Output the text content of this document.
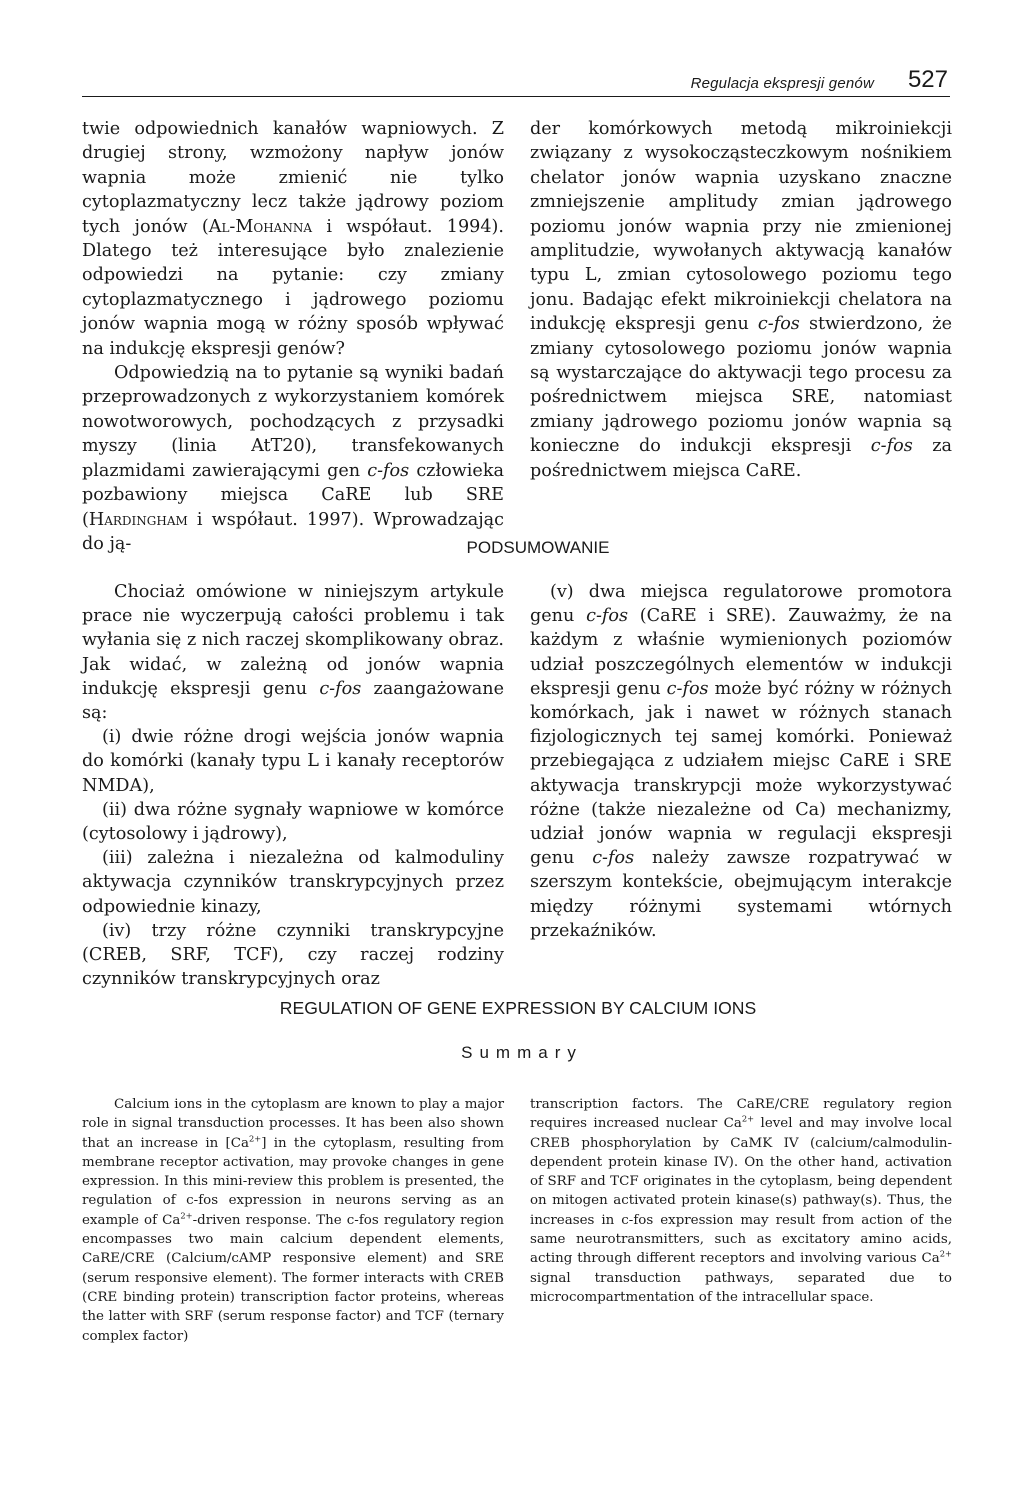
Regulacja ekspresji genów 527

twie odpowiednich kanałów wapniowych. Z drugiej strony, wzmożony napływ jonów wapnia może zmienić nie tylko cytoplazmatyczny lecz także jądrowy poziom tych jonów (Al-Mohanna i współaut. 1994). Dlatego też interesujące było znalezienie odpowiedzi na pytanie: czy zmiany cytoplazmatycznego i jądrowego poziomu jonów wapnia mogą w różny sposób wpływać na indukcję ekspresji genów?

Odpowiedzią na to pytanie są wyniki badań przeprowadzonych z wykorzystaniem komórek nowotworowych, pochodzących z przysadki myszy (linia AtT20), transfekowanych plazmidami zawierającymi gen c-fos człowieka pozbawiony miejsca CaRE lub SRE (Hardingham i współaut. 1997). Wprowadzając do ją-

der komórkowych metodą mikroiniekcji związany z wysokocząsteczkowym nośnikiem chelator jonów wapnia uzyskano znaczne zmniejszenie amplitudy zmian jądrowego poziomu jonów wapnia przy nie zmienionej amplitudzie, wywołanych aktywacją kanałów typu L, zmian cytosolowego poziomu tego jonu. Badając efekt mikroiniekcji chelatora na indukcję ekspresji genu c-fos stwierdzono, że zmiany cytosolowego poziomu jonów wapnia są wystarczające do aktywacji tego procesu za pośrednictwem miejsca SRE, natomiast zmiany jądrowego poziomu jonów wapnia są konieczne do indukcji ekspresji c-fos za pośrednictwem miejsca CaRE.

PODSUMOWANIE

Chociaż omówione w niniejszym artykule prace nie wyczerpują całości problemu i tak wyłania się z nich raczej skomplikowany obraz. Jak widać, w zależną od jonów wapnia indukcję ekspresji genu c-fos zaangażowane są:

(i) dwie różne drogi wejścia jonów wapnia do komórki (kanały typu L i kanały receptorów NMDA),

(ii) dwa różne sygnały wapniowe w komórce (cytosolowy i jądrowy),

(iii) zależna i niezależna od kalmoduliny aktywacja czynników transkrypcyjnych przez odpowiednie kinazy,

(iv) trzy różne czynniki transkrypcyjne (CREB, SRF, TCF), czy raczej rodziny czynników transkrypcyjnych oraz

(v) dwa miejsca regulatorowe promotora genu c-fos (CaRE i SRE). Zauważmy, że na każdym z właśnie wymienionych poziomów udział poszczególnych elementów w indukcji ekspresji genu c-fos może być różny w różnych komórkach, jak i nawet w różnych stanach fizjologicznych tej samej komórki. Ponieważ przebiegająca z udziałem miejsc CaRE i SRE aktywacja transkrypcji może wykorzystywać różne (także niezależne od Ca) mechanizmy, udział jonów wapnia w regulacji ekspresji genu c-fos należy zawsze rozpatrywać w szerszym kontekście, obejmującym interakcje między różnymi systemami wtórnych przekaźników.

REGULATION OF GENE EXPRESSION BY CALCIUM IONS
Summary

Calcium ions in the cytoplasm are known to play a major role in signal transduction processes. It has been also shown that an increase in $[Ca^{2+}]$ in the cytoplasm, resulting from membrane receptor activation, may provoke changes in gene expression. In this mini-review this problem is presented, the regulation of c-fos expression in neurons serving as an example of $Ca^{2+}$-driven response. The c-fos regulatory region encompasses two main calcium dependent elements, CaRE/CRE (Calcium/cAMP responsive element) and SRE (serum responsive element). The former interacts with CREB (CRE binding protein) transcription factor proteins, whereas the latter with SRF (serum response factor) and TCF (ternary complex factor)

transcription factors. The CaRE/CRE regulatory region requires increased nuclear $Ca^{2+}$ level and may involve local CREB phosphorylation by CaMK IV (calcium/calmodulin-dependent protein kinase IV). On the other hand, activation of SRF and TCF originates in the cytoplasm, being dependent on mitogen activated protein kinase(s) pathway(s). Thus, the increases in c-fos expression may result from action of the same neurotransmitters, such as excitatory amino acids, acting through different receptors and involving various $Ca^{2+}$ signal transduction pathways, separated due to microcompartmentation of the intracellular space.
